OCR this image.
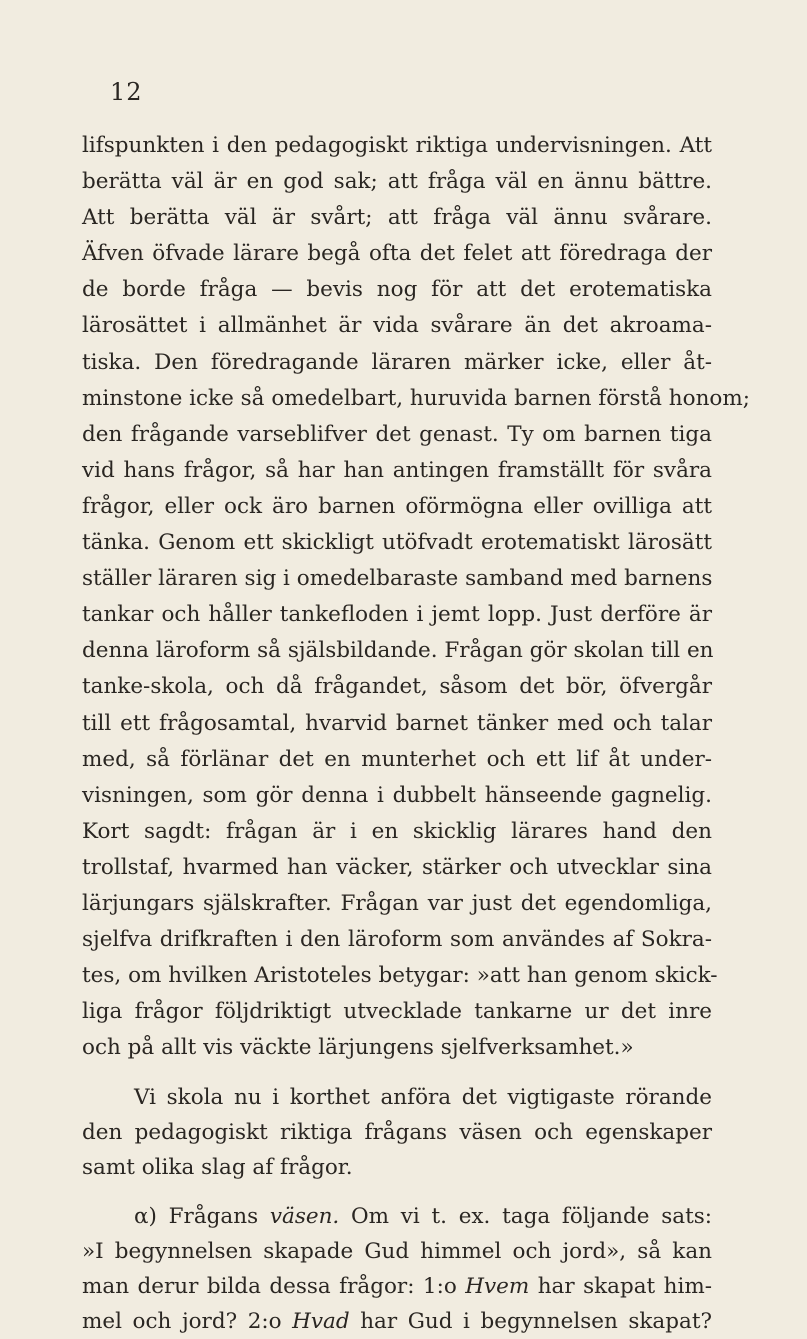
12
lifspunkten i den pedagogiskt riktiga undervisningen. Att
berätta väl är en god sak; att fråga väl en ännu bättre.
Att berätta väl är svårt; att fråga väl ännu svårare.
Äfven öfvade lärare begå ofta det felet att föredraga der
de borde fråga — bevis nog för att det erotematiska
lärosättet i allmänhet är vida svårare än det akroama-
tiska. Den föredragande läraren märker icke, eller åt-
minstone icke så omedelbart, huruvida barnen förstå honom;
den frågande varseblifver det genast. Ty om barnen tiga
vid hans frågor, så har han antingen framställt för svåra
frågor, eller ock äro barnen oförmögna eller ovilliga att
tänka. Genom ett skickligt utöfvadt erotematiskt lärosätt
ställer läraren sig i omedelbaraste samband med barnens
tankar och håller tankefloden i jemt lopp. Just derföre är
denna läroform så själsbildande. Frågan gör skolan till en
tanke-skola, och då frågandet, såsom det bör, öfvergår
till ett frågosamtal, hvarvid barnet tänker med och talar
med, så förlänar det en munterhet och ett lif åt under-
visningen, som gör denna i dubbelt hänseende gagnelig.
Kort sagdt: frågan är i en skicklig lärares hand den
trollstaf, hvarmed han väcker, stärker och utvecklar sina
lärjungars själskrafter. Frågan var just det egendomliga,
sjelfva drifkraften i den läroform som användes af Sokra-
tes, om hvilken Aristoteles betygar: »att han genom skick-
liga frågor följdriktigt utvecklade tankarne ur det inre
och på allt vis väckte lärjungens sjelfverksamhet.»
Vi skola nu i korthet anföra det vigtigaste rörande
den pedagogiskt riktiga frågans väsen och egenskaper
samt olika slag af frågor.
α) Frågans väsen. Om vi t. ex. taga följande sats:
»I begynnelsen skapade Gud himmel och jord», så kan
man derur bilda dessa frågor: 1:o Hvem har skapat him-
mel och jord? 2:o Hvad har Gud i begynnelsen skapat?
